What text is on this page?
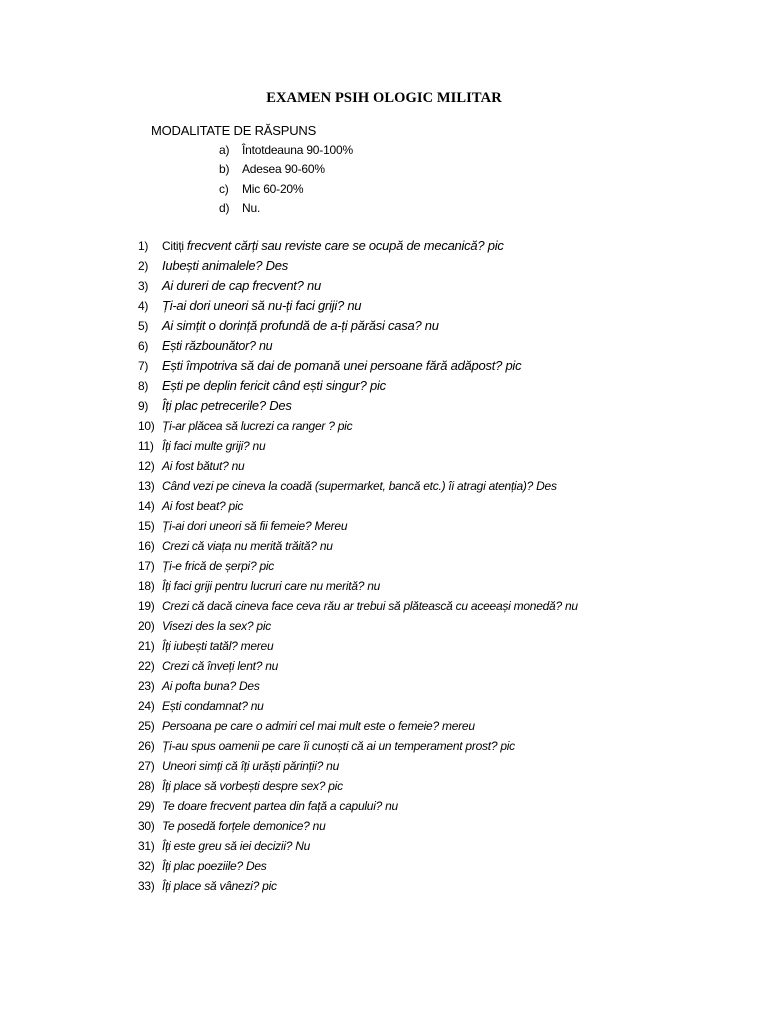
EXAMEN PSIH OLOGIC MILITAR
MODALITATE DE RĂSPUNS
a)	Întotdeauna 90-100%
b)	Adesea 90-60%
c)	Mic 60-20%
d)	Nu.
1)	Citiți frecvent cărți sau reviste care se ocupă de mecanică? pic
2)	Iubești animalele? Des
3)	Ai dureri de cap frecvent? nu
4)	Ți-ai dori uneori să nu-ți faci griji? nu
5)	Ai simțit o dorință profundă de a-ți părăsi casa? nu
6)	Ești războunător? nu
7)	Ești împotriva să dai de pomană unei persoane fără adăpost? pic
8)	Ești pe deplin fericit când ești singur? pic
9)	Îți plac petrecerile? Des
10) Ți-ar plăcea să lucrezi ca ranger ? pic
11) Îți faci multe griji? nu
12) Ai fost bătut? nu
13) Când vezi pe cineva la coadă (supermarket, bancă etc.) îi atragi atenția)? Des
14) Ai fost beat? pic
15) Ți-ai dori uneori să fii femeie? Mereu
16) Crezi că viața nu merită trăită? nu
17) Ți-e frică de șerpi? pic
18) Îți faci griji pentru lucruri care nu merită? nu
19) Crezi că dacă cineva face ceva rău ar trebui să plătească cu aceeași monedă? nu
20) Visezi des la sex? pic
21) Îți iubești tatăl? mereu
22) Crezi că înveți lent? nu
23) Ai pofta buna? Des
24) Ești condamnat? nu
25) Persoana pe care o admiri cel mai mult este o femeie? mereu
26) Ți-au spus oamenii pe care îi cunoști că ai un temperament prost? pic
27) Uneori simți că îți urăști părinții? nu
28) Îți place să vorbești despre sex? pic
29) Te doare frecvent partea din față a capului? nu
30) Te posedă forțele demonice? nu
31) Îți este greu să iei decizii? Nu
32) Îți plac poeziile? Des
33) Îți place să vânezi? pic
